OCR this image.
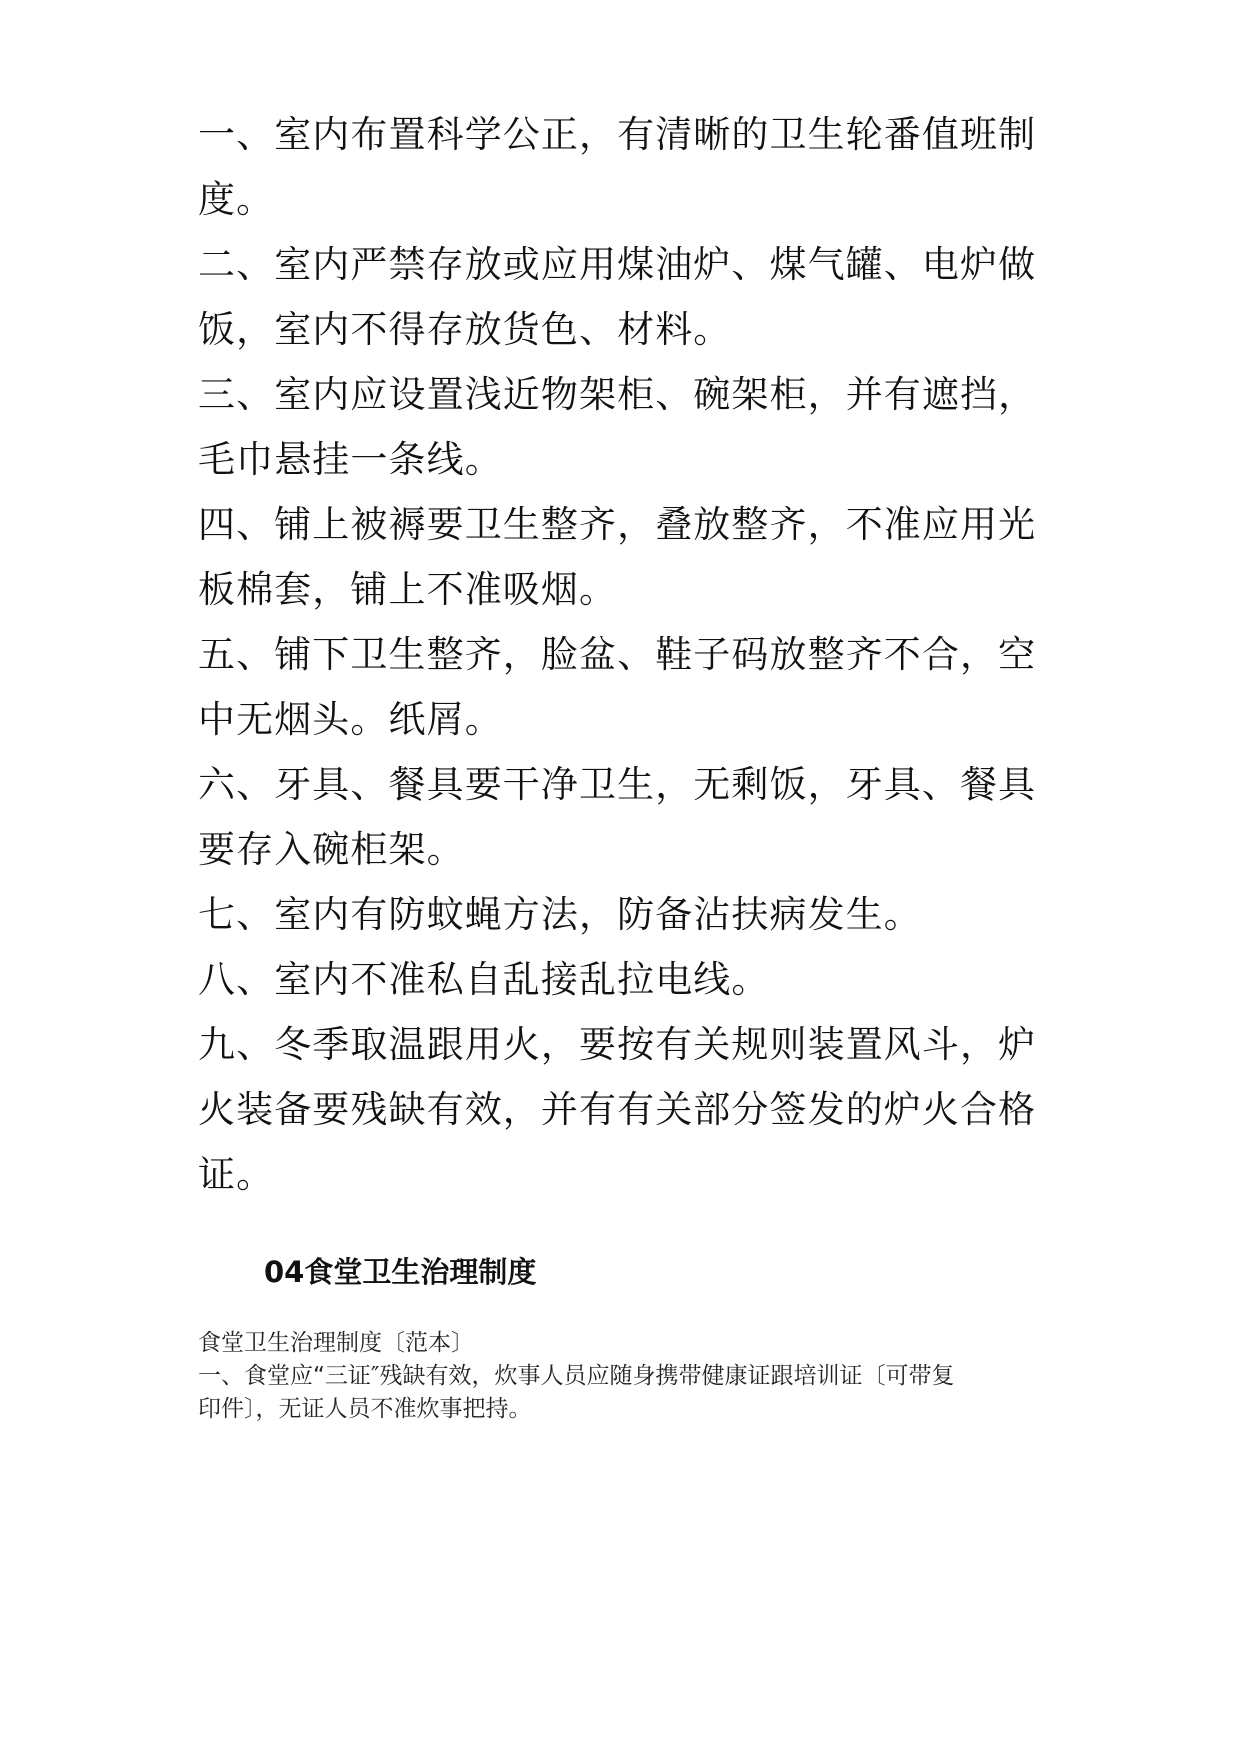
一、室内布置科学公正，有清晰的卫生轮番值班制
度。
二、室内严禁存放或应用煤油炉、煤气罐、电炉做
饭，室内不得存放货色、材料。
三、室内应设置浅近物架柜、碗架柜，并有遮挡，
毛巾悬挂一条线。
四、铺上被褥要卫生整齐，叠放整齐，不准应用光
板棉套，铺上不准吸烟。
五、铺下卫生整齐，脸盆、鞋子码放整齐不合，空
中无烟头。纸屑。
六、牙具、餐具要干净卫生，无剩饭，牙具、餐具
要存入碗柜架。
七、室内有防蚊蝇方法，防备沾扶病发生。
八、室内不准私自乱接乱拉电线。
九、冬季取温跟用火，要按有关规则装置风斗，炉
火装备要残缺有效，并有有关部分签发的炉火合格
证。
04食堂卫生治理制度
食堂卫生治理制度〔范本〕
一、食堂应“三证″残缺有效，炊事人员应随身携带健康证跟培训证〔可带复
印件〕，无证人员不准炊事把持。
